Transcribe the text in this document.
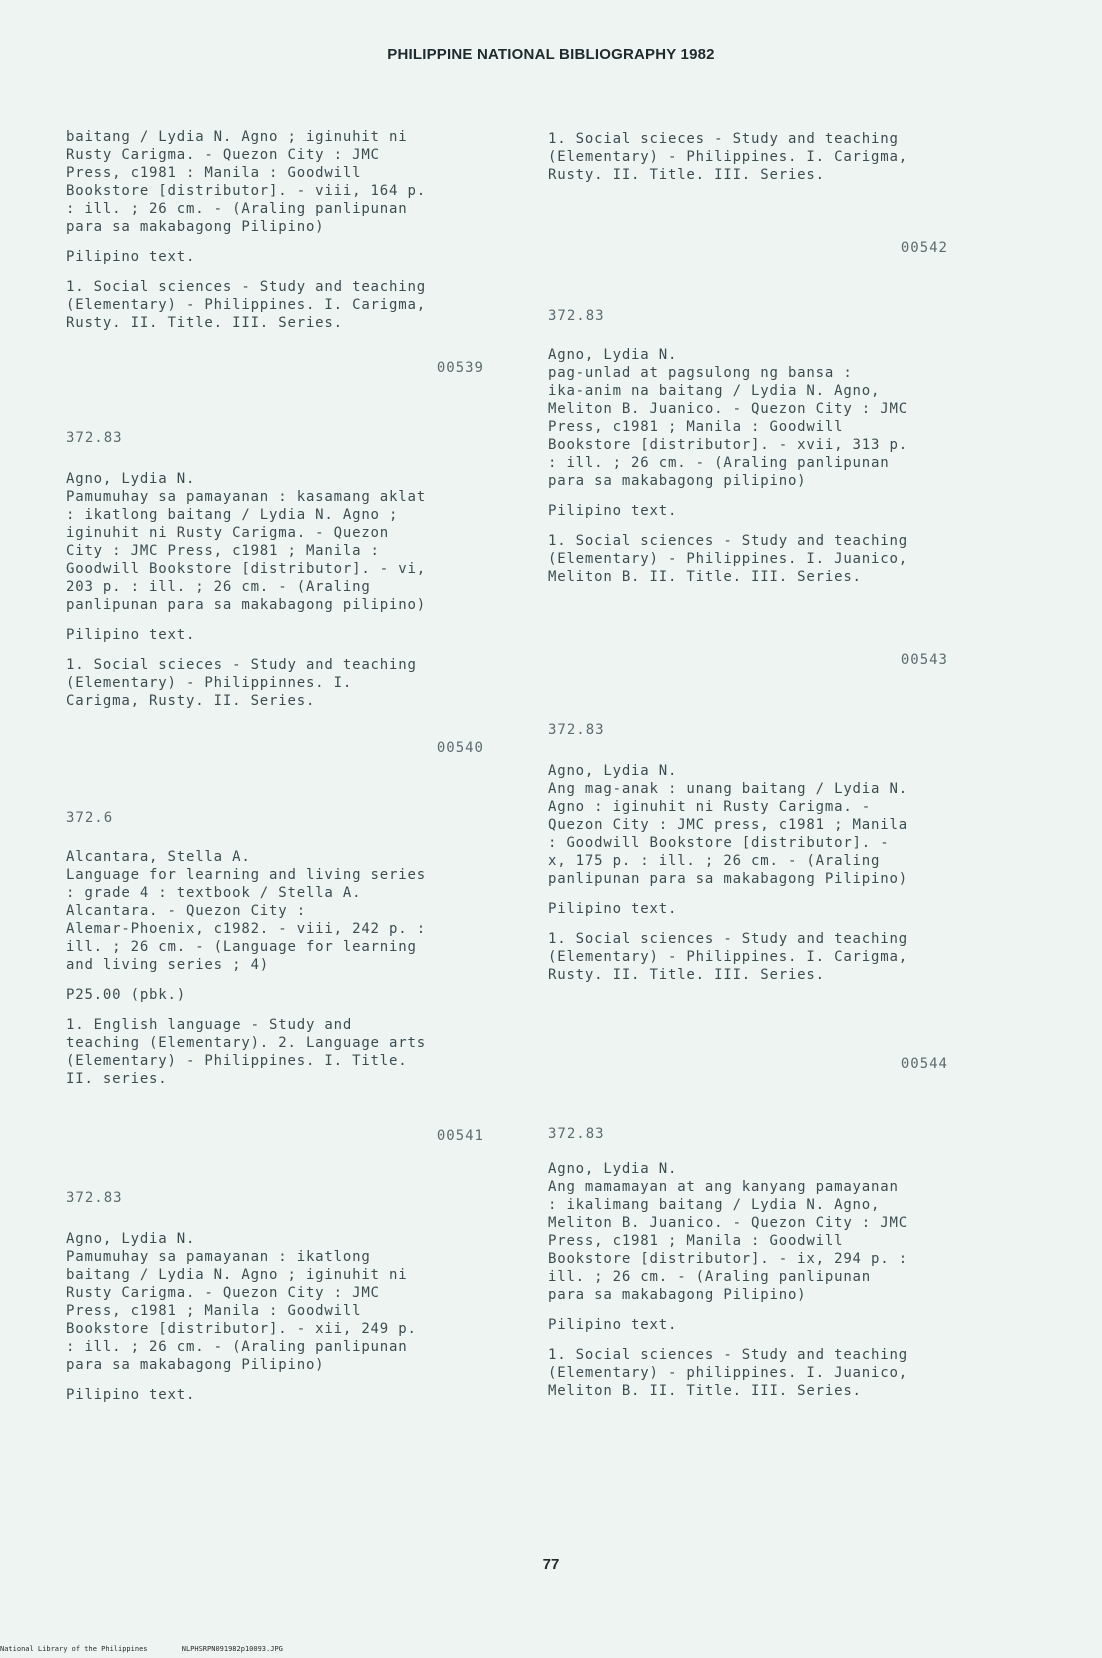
PHILIPPINE NATIONAL BIBLIOGRAPHY 1982

baitang / Lydia N. Agno ; iginuhit ni
Rusty Carigma. - Quezon City : JMC
Press, c1981 : Manila : Goodwill
Bookstore [distributor]. - viii, 164 p.
: ill. ; 26 cm. - (Araling panlipunan
para sa makabagong Pilipino)

Pilipino text.

1. Social sciences - Study and teaching
(Elementary) - Philippines. I. Carigma,
Rusty. II. Title. III. Series.

00539
372.83

Agno, Lydia N.
Pamumuhay sa pamayanan : kasamang aklat
: ikatlong baitang / Lydia N. Agno ;
iginuhit ni Rusty Carigma. - Quezon
City : JMC Press, c1981 ; Manila :
Goodwill Bookstore [distributor]. - vi,
203 p. : ill. ; 26 cm. - (Araling
panlipunan para sa makabagong pilipino)

Pilipino text.

1. Social scieces - Study and teaching
(Elementary) - Philippinnes. I.
Carigma, Rusty. II. Series.

00540
372.6

Alcantara, Stella A.
Language for learning and living series
: grade 4 : textbook / Stella A.
Alcantara. - Quezon City :
Alemar-Phoenix, c1982. - viii, 242 p. :
ill. ; 26 cm. - (Language for learning
and living series ; 4)

P25.00 (pbk.)

1. English language - Study and
teaching (Elementary). 2. Language arts
(Elementary) - Philippines. I. Title.
II. series.

00541
372.83

Agno, Lydia N.
Pamumuhay sa pamayanan : ikatlong
baitang / Lydia N. Agno ; iginuhit ni
Rusty Carigma. - Quezon City : JMC
Press, c1981 ; Manila : Goodwill
Bookstore [distributor]. - xii, 249 p.
: ill. ; 26 cm. - (Araling panlipunan
para sa makabagong Pilipino)

Pilipino text.

1. Social scieces - Study and teaching
(Elementary) - Philippines. I. Carigma,
Rusty. II. Title. III. Series.

00542
372.83

Agno, Lydia N.
pag-unlad at pagsulong ng bansa :
ika-anim na baitang / Lydia N. Agno,
Meliton B. Juanico. - Quezon City : JMC
Press, c1981 ; Manila : Goodwill
Bookstore [distributor]. - xvii, 313 p.
: ill. ; 26 cm. - (Araling panlipunan
para sa makabagong pilipino)

Pilipino text.

1. Social sciences - Study and teaching
(Elementary) - Philippines. I. Juanico,
Meliton B. II. Title. III. Series.

00543
372.83

Agno, Lydia N.
Ang mag-anak : unang baitang / Lydia N.
Agno : iginuhit ni Rusty Carigma. -
Quezon City : JMC press, c1981 ; Manila
: Goodwill Bookstore [distributor]. -
x, 175 p. : ill. ; 26 cm. - (Araling
panlipunan para sa makabagong Pilipino)

Pilipino text.

1. Social sciences - Study and teaching
(Elementary) - Philippines. I. Carigma,
Rusty. II. Title. III. Series.

00544
372.83

Agno, Lydia N.
Ang mamamayan at ang kanyang pamayanan
: ikalimang baitang / Lydia N. Agno,
Meliton B. Juanico. - Quezon City : JMC
Press, c1981 ; Manila : Goodwill
Bookstore [distributor]. - ix, 294 p. :
ill. ; 26 cm. - (Araling panlipunan
para sa makabagong Pilipino)

Pilipino text.

1. Social sciences - Study and teaching
(Elementary) - philippines. I. Juanico,
Meliton B. II. Title. III. Series.

77
National Library of the Philippines	NLPHSRPN091982p10093.JPG
